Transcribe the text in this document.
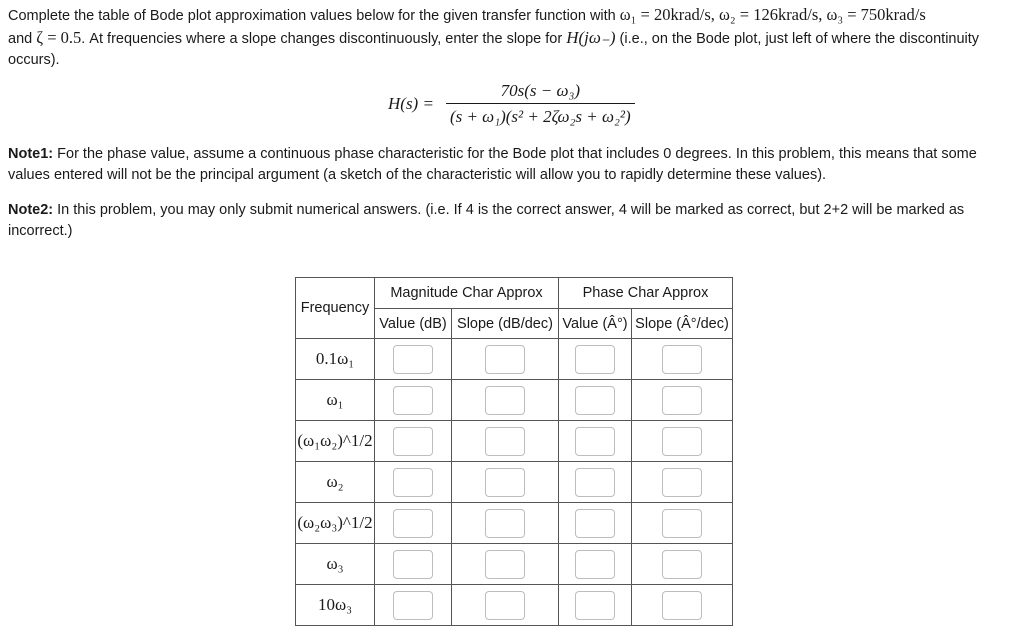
Complete the table of Bode plot approximation values below for the given transfer function with ω₁ = 20krad/s, ω₂ = 126krad/s, ω₃ = 750krad/s
and ζ = 0.5. At frequencies where a slope changes discontinuously, enter the slope for H(jω₋) (i.e., on the Bode plot, just left of where the discontinuity occurs).
$H(s) = \frac{\text{70s(s − ω₃)}}{\text{(s + ω₁)(s² + 2ζω₂s + ω₂²)}}$
Note1: For the phase value, assume a continuous phase characteristic for the Bode plot that includes 0 degrees. In this problem, this means that some values entered will not be the principal argument (a sketch of the characteristic will allow you to rapidly determine these values).
Note2: In this problem, you may only submit numerical answers. (i.e. If 4 is the correct answer, 4 will be marked as correct, but 2+2 will be marked as incorrect.)
Frequency	Magnitude Char Approx		Phase Char Approx	
	Value (dB)	Slope (dB/dec)	Value (Â°)	Slope (Â°/dec)
0.1ω₁				
ω₁				
(ω₁ω₂)^1/2				
ω₂				
(ω₂ω₃)^1/2				
ω₃				
10ω₃				
